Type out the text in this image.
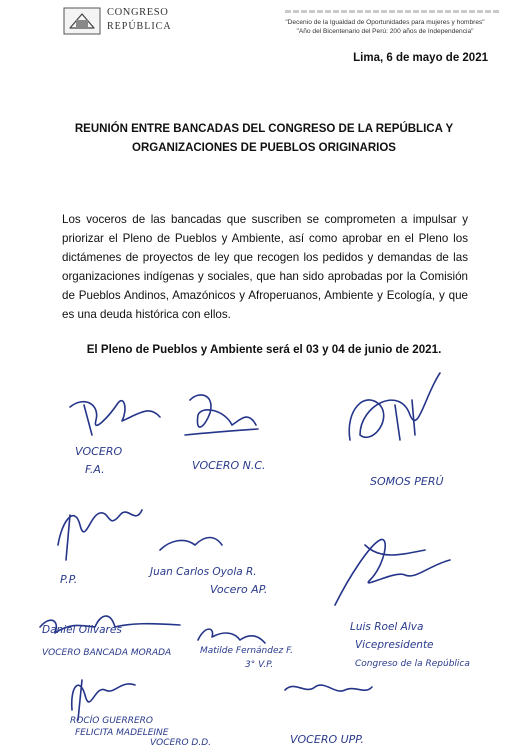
CONGRESO
REPÚBLICA	"Decenio de la Igualdad de Oportunidades para mujeres y hombres"
"Año del Bicentenario del Perú: 200 años de Independencia"
Lima, 6 de mayo de 2021
REUNIÓN ENTRE BANCADAS DEL CONGRESO DE LA REPÚBLICA Y
ORGANIZACIONES DE PUEBLOS ORIGINARIOS
Los voceros de las bancadas que suscriben se comprometen a impulsar y priorizar el Pleno de Pueblos y Ambiente, así como aprobar en el Pleno los dictámenes de proyectos de ley que recogen los pedidos y demandas de las organizaciones indígenas y sociales, que han sido aprobadas por la Comisión de Pueblos Andinos, Amazónicos y Afroperuanos, Ambiente y Ecología, y que es una deuda histórica con ellos.
El Pleno de Pueblos y Ambiente será el 03 y 04 de junio de 2021.
VOCERO
F.A.	VOCERO N.C.
SOMOS PERÚ
P.P.
Juan Carlos Oyola R.
Vocero AP.
Luis Roel Alva
Vicepresidente
Congreso de la República
Daniel Olivares
VOCERO BANCADA MORADA	Matilde Fernández F.
3° V.P.
ROCÍO GUERRERO
FELICITA MADELEINE
VOCERO D.D.	VOCERO UPP.
